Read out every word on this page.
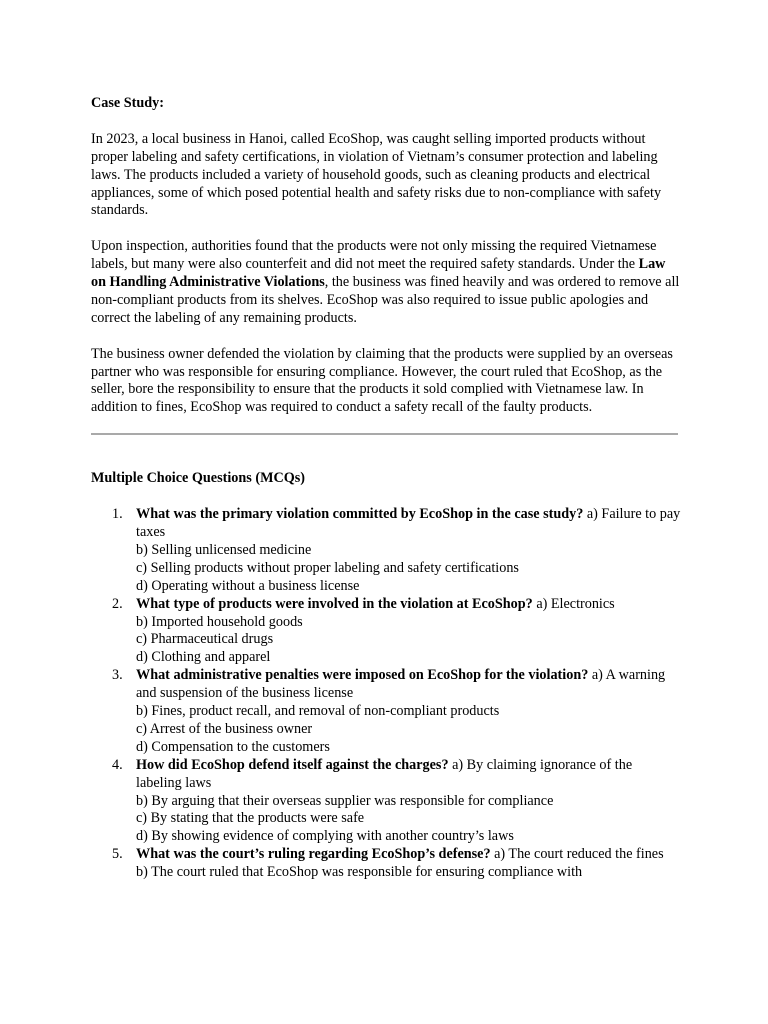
Case Study:

In 2023, a local business in Hanoi, called EcoShop, was caught selling imported products without proper labeling and safety certifications, in violation of Vietnam’s consumer protection and labeling laws. The products included a variety of household goods, such as cleaning products and electrical appliances, some of which posed potential health and safety risks due to non-compliance with safety standards.

Upon inspection, authorities found that the products were not only missing the required Vietnamese labels, but many were also counterfeit and did not meet the required safety standards. Under the Law on Handling Administrative Violations, the business was fined heavily and was ordered to remove all non-compliant products from its shelves. EcoShop was also required to issue public apologies and correct the labeling of any remaining products.

The business owner defended the violation by claiming that the products were supplied by an overseas partner who was responsible for ensuring compliance. However, the court ruled that EcoShop, as the seller, bore the responsibility to ensure that the products it sold complied with Vietnamese law. In addition to fines, EcoShop was required to conduct a safety recall of the faulty products.

Multiple Choice Questions (MCQs)
1. What was the primary violation committed by EcoShop in the case study? a) Failure to pay taxes
b) Selling unlicensed medicine
c) Selling products without proper labeling and safety certifications
d) Operating without a business license
2. What type of products were involved in the violation at EcoShop? a) Electronics
b) Imported household goods
c) Pharmaceutical drugs
d) Clothing and apparel
3. What administrative penalties were imposed on EcoShop for the violation? a) A warning and suspension of the business license
b) Fines, product recall, and removal of non-compliant products
c) Arrest of the business owner
d) Compensation to the customers
4. How did EcoShop defend itself against the charges? a) By claiming ignorance of the labeling laws
b) By arguing that their overseas supplier was responsible for compliance
c) By stating that the products were safe
d) By showing evidence of complying with another country’s laws
5. What was the court’s ruling regarding EcoShop’s defense? a) The court reduced the fines
b) The court ruled that EcoShop was responsible for ensuring compliance with
